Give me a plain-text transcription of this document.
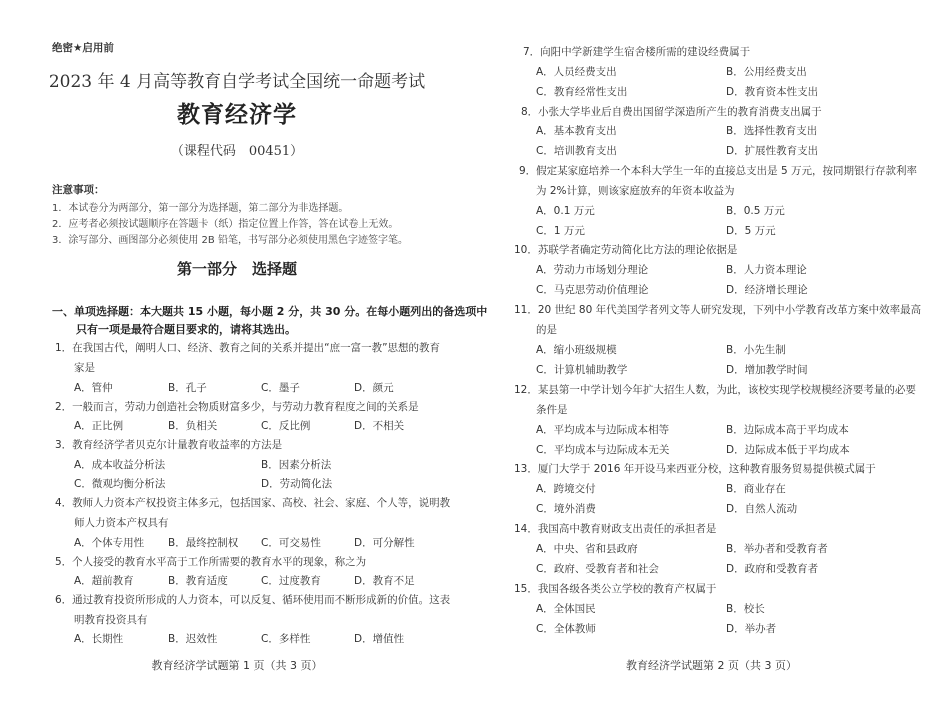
绝密★启用前
2023 年 4 月高等教育自学考试全国统一命题考试
教育经济学
（课程代码　00451）
注意事项：
1．本试卷分为两部分，第一部分为选择题，第二部分为非选择题。
2．应考者必须按试题顺序在答题卡（纸）指定位置上作答，答在试卷上无效。
3．涂写部分、画图部分必须使用 2B 铅笔，书写部分必须使用黑色字迹签字笔。
第一部分　选择题
一、单项选择题：本大题共 15 小题，每小题 2 分，共 30 分。在每小题列出的备选项中
只有一项是最符合题目要求的，请将其选出。
1．在我国古代，阐明人口、经济、教育之间的关系并提出“庶一富一教”思想的教育
家是
A．管仲	B．孔子	C．墨子	D．颜元
2．一般而言，劳动力创造社会物质财富多少，与劳动力教育程度之间的关系是
A．正比例	B．负相关	C．反比例	D．不相关
3．教育经济学者贝克尔计量教育收益率的方法是
A．成本收益分析法	B．因素分析法
C．微观均衡分析法	D．劳动简化法
4．教师人力资本产权投资主体多元，包括国家、高校、社会、家庭、个人等，说明教
师人力资本产权具有
A．个体专用性 B．最终控制权 C．可交易性	D．可分解性
5．个人接受的教育水平高于工作所需要的教育水平的现象，称之为
A．超前教育	B．教育适度	C．过度教育	D．教育不足
6．通过教育投资所形成的人力资本，可以反复、循环使用而不断形成新的价值。这表
明教育投资具有
A．长期性	B．迟效性	C．多样性	D．增值性
教育经济学试题第 1 页（共 3 页）
7．向阳中学新建学生宿舍楼所需的建设经费属于
A．人员经费支出	B．公用经费支出
C．教育经常性支出	D．教育资本性支出
8．小张大学毕业后自费出国留学深造所产生的教育消费支出属于
A．基本教育支出	B．选择性教育支出
C．培训教育支出	D．扩展性教育支出
9．假定某家庭培养一个本科大学生一年的直接总支出是 5 万元，按同期银行存款利率
为 2%计算，则该家庭放弃的年资本收益为
A．0.1 万元	B．0.5 万元
C．1 万元	D．5 万元
10．苏联学者确定劳动简化比方法的理论依据是
A．劳动力市场划分理论	B．人力资本理论
C．马克思劳动价值理论	D．经济增长理论
11．20 世纪 80 年代美国学者列文等人研究发现，下列中小学教育改革方案中效率最高
的是
A．缩小班级规模	B．小先生制
C．计算机辅助教学	D．增加教学时间
12．某县第一中学计划今年扩大招生人数，为此，该校实现学校规模经济要考量的必要
条件是
A．平均成本与边际成本相等	B．边际成本高于平均成本
C．平均成本与边际成本无关	D．边际成本低于平均成本
13．厦门大学于 2016 年开设马来西亚分校，这种教育服务贸易提供模式属于
A．跨境交付	B．商业存在
C．境外消费	D．自然人流动
14．我国高中教育财政支出责任的承担者是
A．中央、省和县政府	B．举办者和受教育者
C．政府、受教育者和社会	D．政府和受教育者
15．我国各级各类公立学校的教育产权属于
A．全体国民	B．校长
C．全体教师	D．举办者
教育经济学试题第 2 页（共 3 页）
